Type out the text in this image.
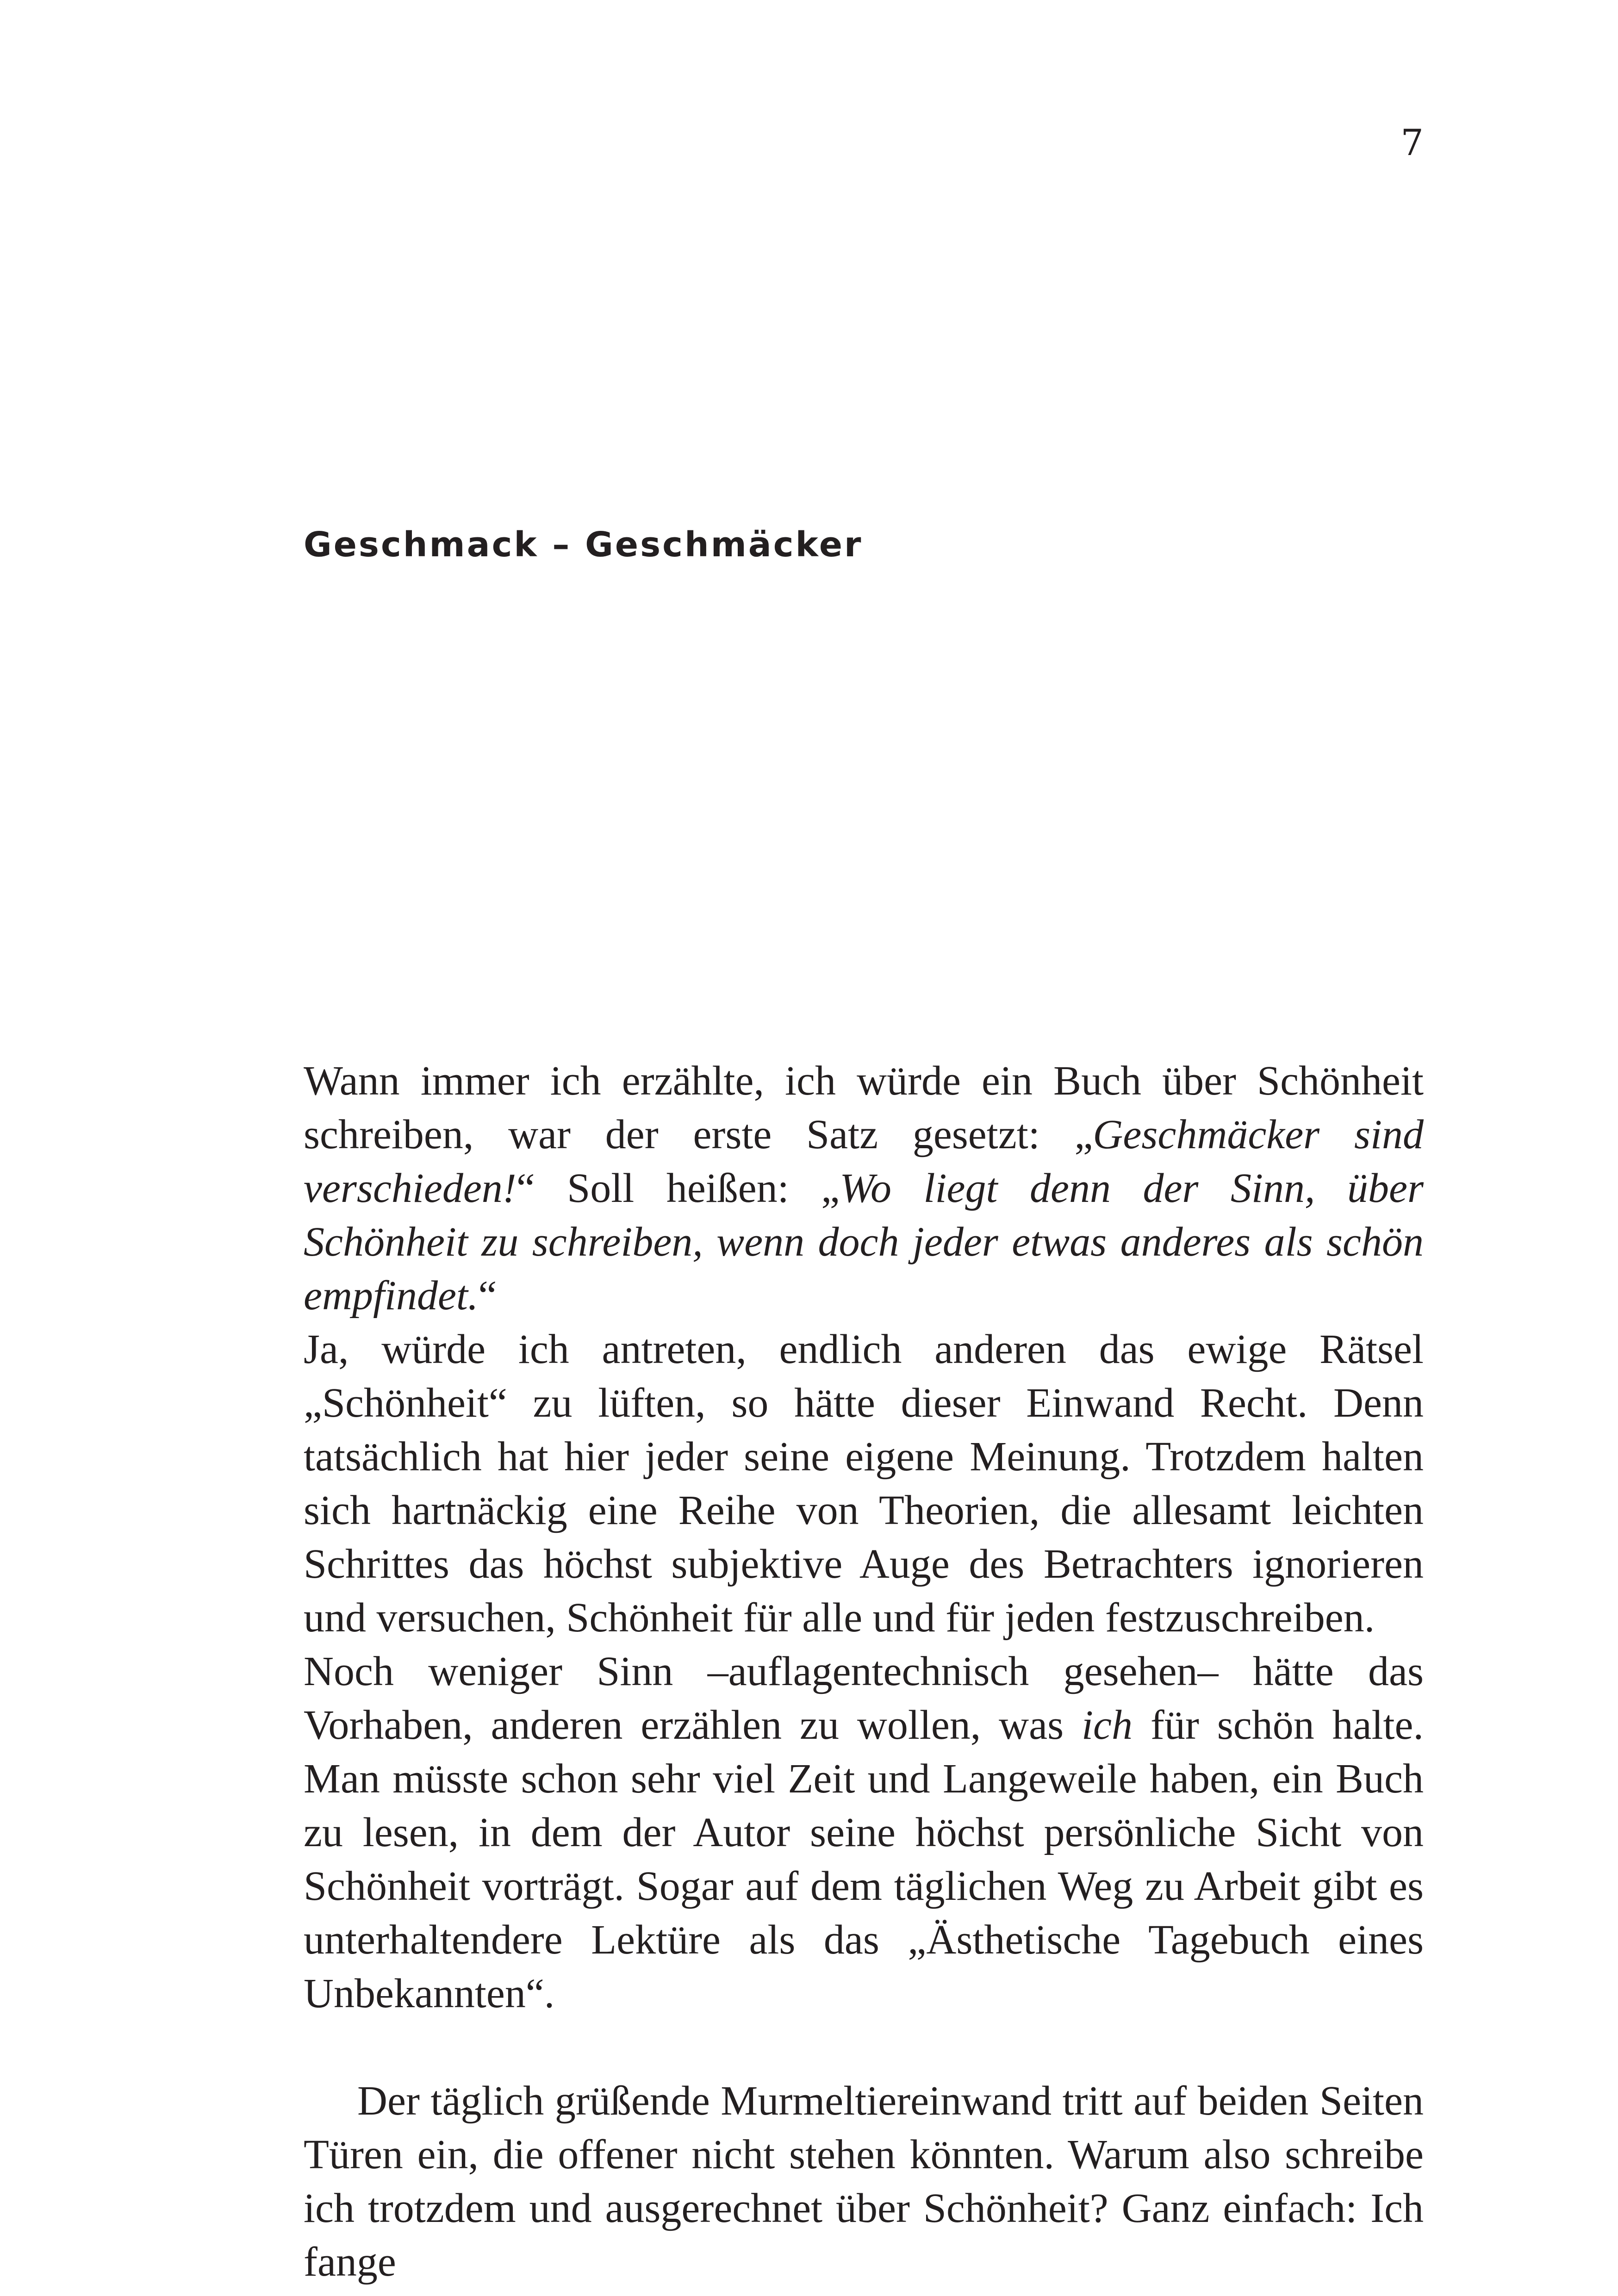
7
Geschmack – Geschmäcker

Wann immer ich erzählte, ich würde ein Buch über Schönheit schreiben, war der erste Satz gesetzt: „Geschmäcker sind verschieden!“ Soll heißen: „Wo liegt denn der Sinn, über Schönheit zu schreiben, wenn doch jeder etwas anderes als schön empfindet.“

Ja, würde ich antreten, endlich anderen das ewige Rätsel „Schönheit“ zu lüften, so hätte dieser Einwand Recht. Denn tatsächlich hat hier jeder seine eigene Meinung. Trotzdem halten sich hartnäckig eine Reihe von Theorien, die allesamt leichten Schrittes das höchst subjektive Auge des Betrachters ignorieren und versuchen, Schönheit für alle und für jeden festzuschreiben.

Noch weniger Sinn –auflagentechnisch gesehen– hätte das Vorhaben, anderen erzählen zu wollen, was ich für schön halte. Man müsste schon sehr viel Zeit und Langeweile haben, ein Buch zu lesen, in dem der Autor seine höchst persönliche Sicht von Schönheit vorträgt. Sogar auf dem täglichen Weg zu Arbeit gibt es unterhaltendere Lektüre als das „Ästhetische Tagebuch eines Unbekannten“.

Der täglich grüßende Murmeltiereinwand tritt auf beiden Seiten Türen ein, die offener nicht stehen könnten. Warum also schreibe ich trotzdem und ausgerechnet über Schönheit? Ganz einfach: Ich fange
